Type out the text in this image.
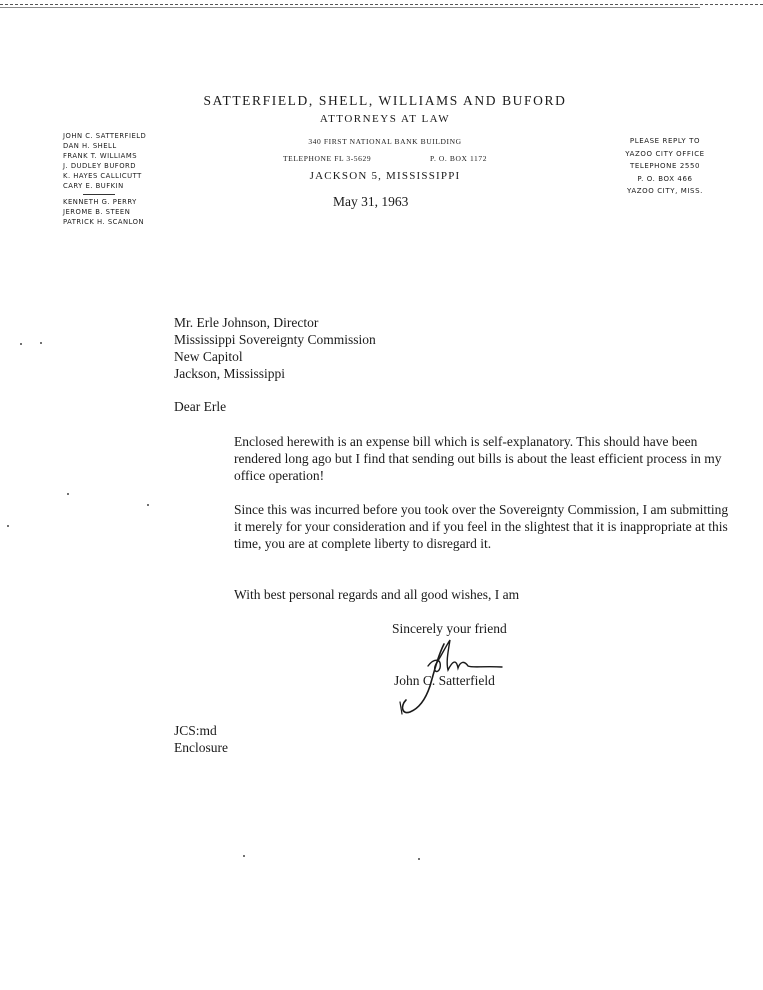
SATTERFIELD, SHELL, WILLIAMS AND BUFORD
ATTORNEYS AT LAW
340 FIRST NATIONAL BANK BUILDING
TELEPHONE FL 3-5629	P. O. BOX 1172
JACKSON 5, MISSISSIPPI
JOHN C. SATTERFIELD
DAN H. SHELL
FRANK T. WILLIAMS
J. DUDLEY BUFORD
K. HAYES CALLICUTT
CARY E. BUFKIN
KENNETH G. PERRY
JEROME B. STEEN
PATRICK H. SCANLON
PLEASE REPLY TO
YAZOO CITY OFFICE
TELEPHONE 2550
P. O. BOX 466
YAZOO CITY, MISS.
May 31, 1963
Mr. Erle Johnson, Director
Mississippi Sovereignty Commission
New Capitol
Jackson, Mississippi
Dear Erle
Enclosed herewith is an expense bill which is self-explanatory. This should have been rendered long ago but I find that sending out bills is about the least efficient process in my office operation!
Since this was incurred before you took over the Sovereignty Commission, I am submitting it merely for your consideration and if you feel in the slightest that it is inappropriate at this time, you are at complete liberty to disregard it.
With best personal regards and all good wishes, I am
Sincerely your friend
John C. Satterfield
JCS:md
Enclosure
